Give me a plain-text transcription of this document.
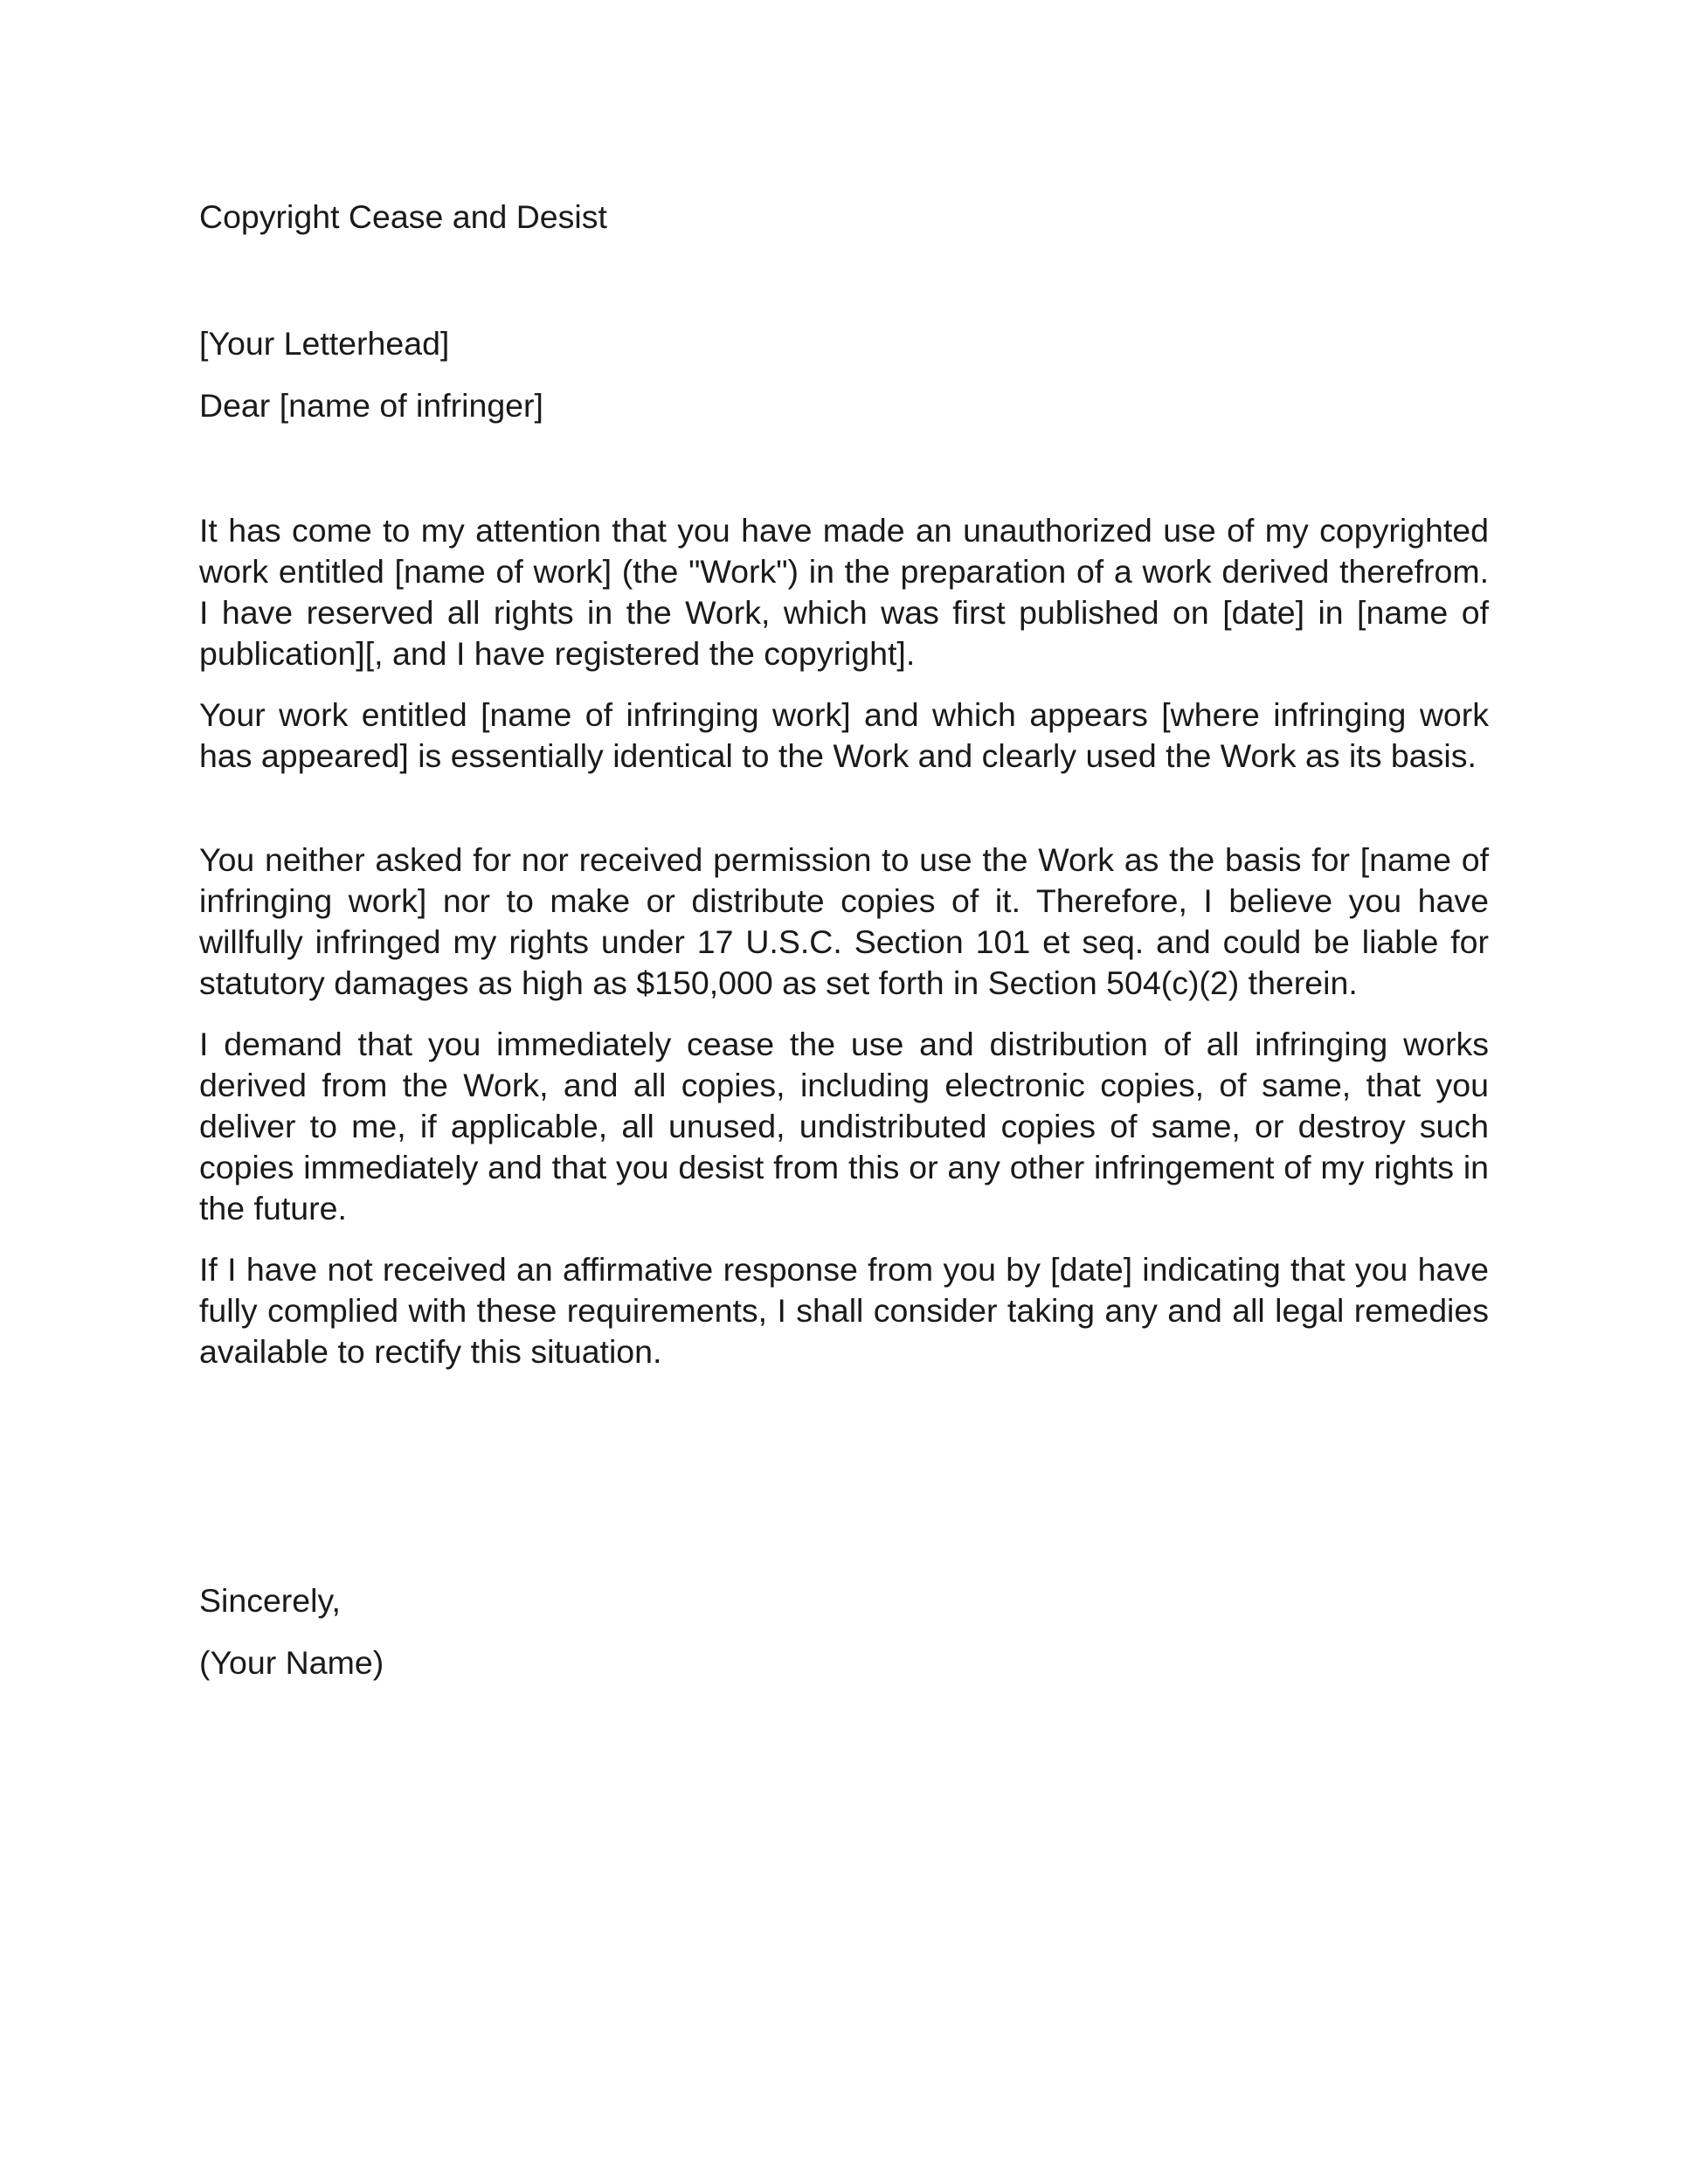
Copyright Cease and Desist

[Your Letterhead]

Dear [name of infringer]

It has come to my attention that you have made an unauthorized use of my copyrighted work entitled [name of work] (the "Work") in the preparation of a work derived therefrom. I have reserved all rights in the Work, which was first published on [date] in [name of publication][, and I have registered the copyright].

Your work entitled [name of infringing work] and which appears [where infringing work has appeared] is essentially identical to the Work and clearly used the Work as its basis.

You neither asked for nor received permission to use the Work as the basis for [name of infringing work] nor to make or distribute copies of it. Therefore, I believe you have willfully infringed my rights under 17 U.S.C. Section 101 et seq. and could be liable for statutory damages as high as $150,000 as set forth in Section 504(c)(2) therein.

I demand that you immediately cease the use and distribution of all infringing works derived from the Work, and all copies, including electronic copies, of same, that you deliver to me, if applicable, all unused, undistributed copies of same, or destroy such copies immediately and that you desist from this or any other infringement of my rights in the future.

If I have not received an affirmative response from you by [date] indicating that you have fully complied with these requirements, I shall consider taking any and all legal remedies available to rectify this situation.

Sincerely,

(Your Name)
